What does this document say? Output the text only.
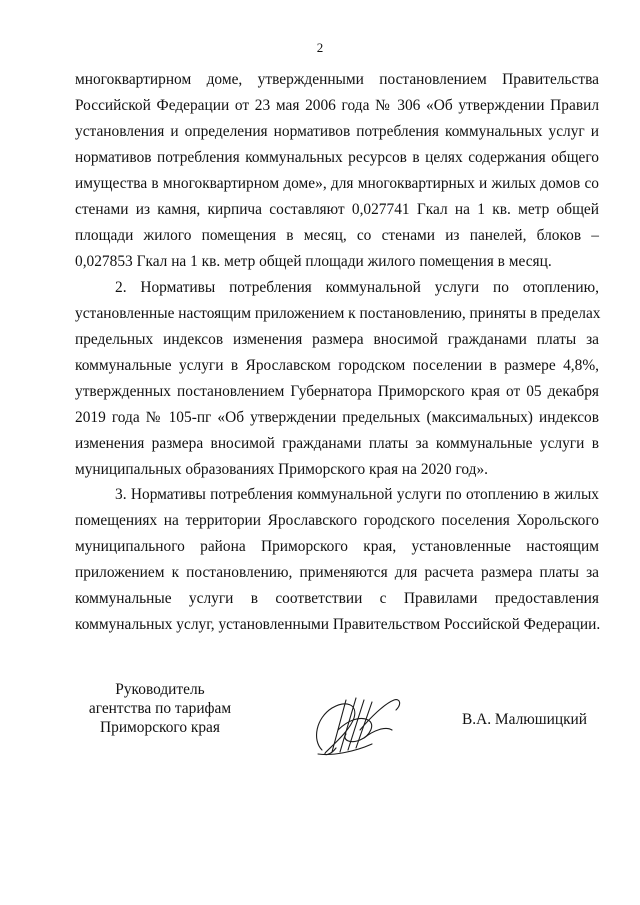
2
многоквартирном доме, утвержденными постановлением Правительства
Российской Федерации от 23 мая 2006 года № 306 «Об утверждении Правил
установления и определения нормативов потребления коммунальных услуг и
нормативов потребления коммунальных ресурсов в целях содержания общего
имущества в многоквартирном доме», для многоквартирных и жилых домов со
стенами из камня, кирпича составляют 0,027741 Гкал на 1 кв. метр общей
площади жилого помещения в месяц, со стенами из панелей, блоков –
0,027853 Гкал на 1 кв. метр общей площади жилого помещения в месяц.
2. Нормативы потребления коммунальной услуги по отоплению,
установленные настоящим приложением к постановлению, приняты в пределах
предельных индексов изменения размера вносимой гражданами платы за
коммунальные услуги в Ярославском городском поселении в размере 4,8%,
утвержденных постановлением Губернатора Приморского края от 05 декабря
2019 года № 105-пг «Об утверждении предельных (максимальных) индексов
изменения размера вносимой гражданами платы за коммунальные услуги в
муниципальных образованиях Приморского края на 2020 год».
3. Нормативы потребления коммунальной услуги по отоплению в жилых
помещениях на территории Ярославского городского поселения Хорольского
муниципального района Приморского края, установленные настоящим
приложением к постановлению, применяются для расчета размера платы за
коммунальные услуги в соответствии с Правилами предоставления
коммунальных услуг, установленными Правительством Российской Федерации.
Руководитель
агентства по тарифам
Приморского края	В.А. Малюшицкий
